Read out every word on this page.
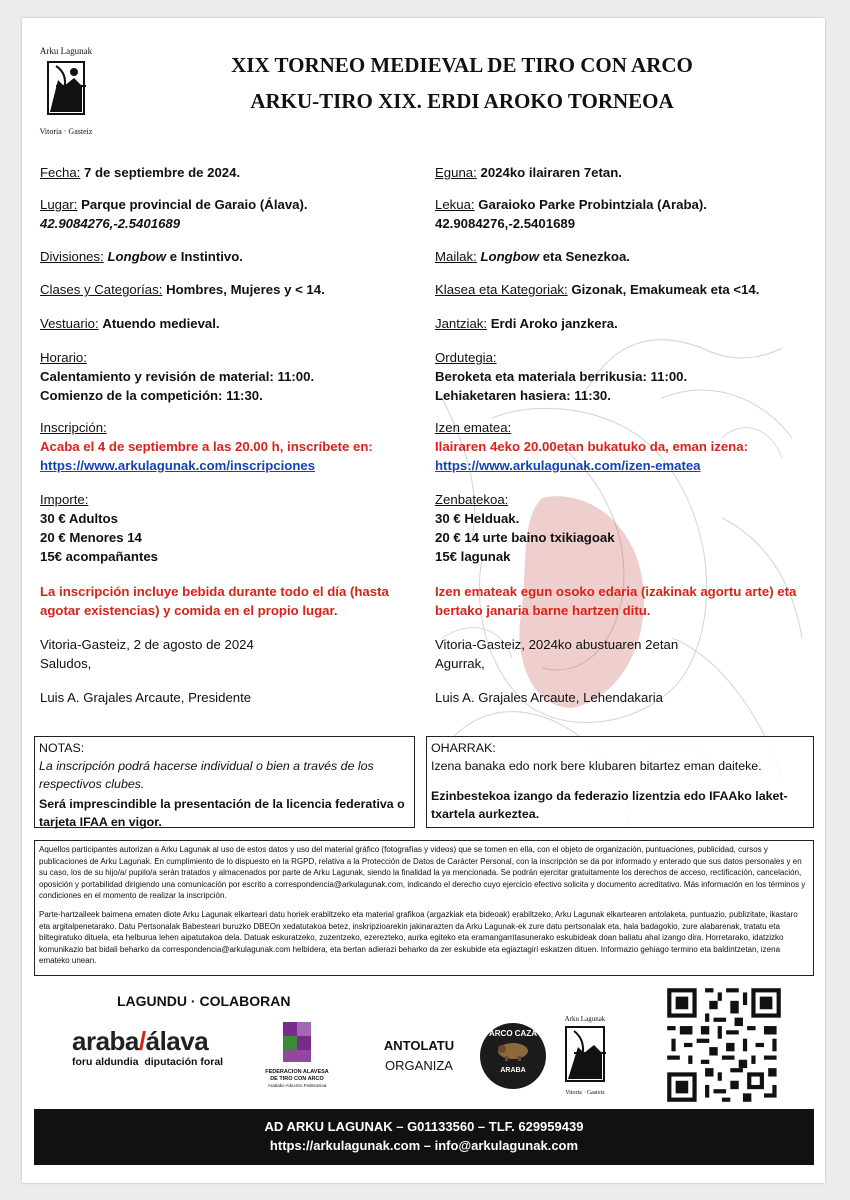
Arku Lagunak
Vitoria · Gasteiz
XIX TORNEO MEDIEVAL DE TIRO CON ARCO
ARKU-TIRO XIX. ERDI AROKO TORNEOA
Fecha: 7 de septiembre de 2024.
Lugar: Parque provincial de Garaio (Álava).
42.9084276,-2.5401689
Divisiones: Longbow e Instintivo.
Clases y Categorías: Hombres, Mujeres y < 14.
Vestuario: Atuendo medieval.
Horario:
Calentamiento y revisión de material: 11:00.
Comienzo de la competición: 11:30.
Inscripción:
Acaba el 4 de septiembre a las 20.00 h, inscríbete en:
https://www.arkulagunak.com/inscripciones
Importe:
30 € Adultos
20 € Menores 14
15€ acompañantes
La inscripción incluye bebida durante todo el día (hasta agotar existencias) y comida en el propio lugar.
Vitoria-Gasteiz, 2 de agosto de 2024
Saludos,
Luis A. Grajales Arcaute, Presidente
Eguna: 2024ko ilairaren 7etan.
Lekua: Garaioko Parke Probintziala (Araba).
42.9084276,-2.5401689
Mailak: Longbow eta Senezkoa.
Klasea eta Kategoriak: Gizonak, Emakumeak eta <14.
Jantziak: Erdi Aroko janzkera.
Ordutegia:
Beroketa eta materiala berrikusia: 11:00.
Lehiaketaren hasiera: 11:30.
Izen ematea:
Ilairaren 4eko 20.00etan bukatuko da, eman izena:
https://www.arkulagunak.com/izen-ematea
Zenbatekoa:
30 € Helduak.
20 € 14 urte baino txikiagoak
15€ lagunak
Izen emateak egun osoko edaria (izakinak agortu arte) eta bertako janaria barne hartzen ditu.
Vitoria-Gasteiz, 2024ko abustuaren 2etan
Agurrak,
Luis A. Grajales Arcaute, Lehendakaria
NOTAS:
La inscripción podrá hacerse individual o bien a través de los respectivos clubes.
Será imprescindible la presentación de la licencia federativa o tarjeta IFAA en vigor.
OHARRAK:
Izena banaka edo nork bere klubaren bitartez eman daiteke.
Ezinbestekoa izango da federazio lizentzia edo IFAAko laket-txartela aurkeztea.

Aquellos participantes autorizan a Arku Lagunak al uso de estos datos y uso del material gráfico (fotografías y videos) que se tomen en ella, con el objeto de organización, puntuaciones, publicidad, cursos y publicaciones de Arku Lagunak. En cumplimiento de lo dispuesto en la RGPD, relativa a la Protección de Datos de Carácter Personal, con la inscripción se da por informado y enterado que sus datos personales y en su caso, los de su hijo/a/ pupilo/a serán tratados y almacenados por parte de Arku Lagunak, siendo la finalidad la ya mencionada. Se podrán ejercitar gratuitamente los derechos de acceso, rectificación, cancelación, oposición y portabilidad dirigiendo una comunicación por escrito a correspondencia@arkulagunak.com, indicando el derecho cuyo ejercicio efectivo solicita y documento acreditativo. Más información en los términos y condiciones en el momento de realizar la inscripción.

Parte-hartzaileek baimena ematen diote Arku Lagunak elkarteari datu horiek erabiltzeko eta material grafikoa (argazkiak eta bideoak) erabiltzeko, Arku Lagunak elkartearen antolaketa, puntuazio, publizitate, ikastaro eta argitalpenetarako. Datu Pertsonalak Babesteari buruzko DBEOn xedatutakoa betez, inskripzioarekin jakinarazten da Arku Lagunak-ek zure datu pertsonalak eta, hala badagokio, zure alabarenak, tratatu eta biltegiratuko dituela, eta helburua lehen aipatutakoa dela. Datuak eskuratzeko, zuzentzeko, ezerezteko, aurka egiteko eta eramangarritasunerako eskubideak doan baliatu ahal izango dira. Horretarako, idatzizko komunikazio bat bidali beharko da correspondencia@arkulagunak.com helbidera, eta bertan adierazi beharko da zer eskubide eta egiaztagiri eskatzen dituen. Informazio gehiago termino eta baldintzetan, izena emateko unean.

LAGUNDU · COLABORAN
araba/álava
foru aldundia  diputación foral
FEDERACION ALAVESA
DE TIRO CON ARCO
Arabako Arku-tiro Federazioa
ANTOLATU
ORGANIZA
ARCO CAZA
ARABA
Arku Lagunak
Vitoria · Gasteiz
AD ARKU LAGUNAK – G01133560 – TLF. 629959439
https://arkulagunak.com – info@arkulagunak.com
